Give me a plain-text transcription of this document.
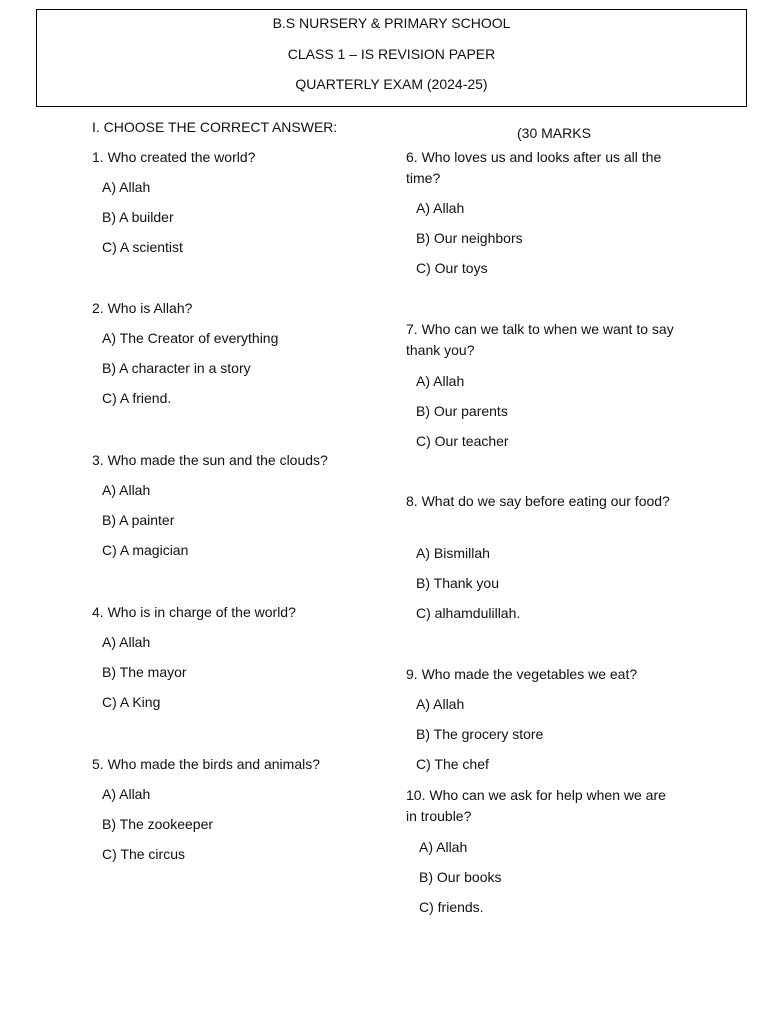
B.S NURSERY & PRIMARY SCHOOL
CLASS 1 – IS REVISION PAPER
QUARTERLY EXAM (2024-25)
I. CHOOSE THE CORRECT ANSWER:	(30 MARKS
1. Who created the world?
A) Allah
B) A builder
C) A scientist
2. Who is Allah?
A) The Creator of everything
B) A character in a story
C) A friend.
3. Who made the sun and the clouds?
A) Allah
B) A painter
C) A magician
4. Who is in charge of the world?
A) Allah
B) The mayor
C) A King
5. Who made the birds and animals?
A) Allah
B) The zookeeper
C) The circus
6. Who loves us and looks after us all the time?
A) Allah
B) Our neighbors
C) Our toys
7. Who can we talk to when we want to say thank you?
A) Allah
B) Our parents
C) Our teacher
8. What do we say before eating our food?
A) Bismillah
B) Thank you
C) alhamdulillah.
9. Who made the vegetables we eat?
A) Allah
B) The grocery store
C) The chef
10. Who can we ask for help when we are in trouble?
A) Allah
B) Our books
C) friends.
